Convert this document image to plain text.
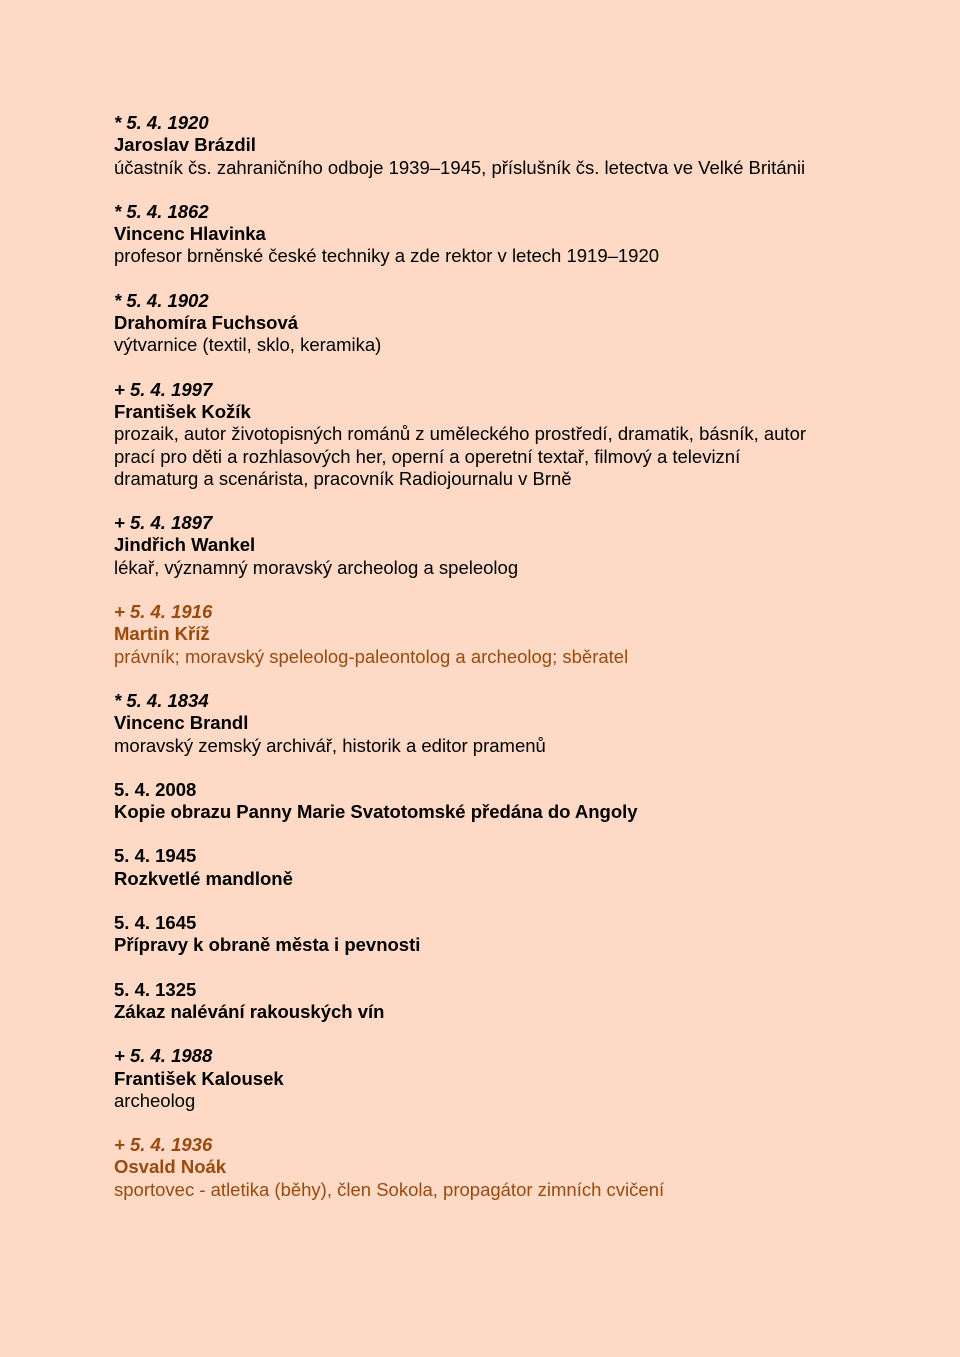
* 5. 4. 1920
Jaroslav Brázdil
účastník čs. zahraničního odboje 1939–1945, příslušník čs. letectva ve Velké Británii
* 5. 4. 1862
Vincenc Hlavinka
profesor brněnské české techniky a zde rektor v letech 1919–1920
* 5. 4. 1902
Drahomíra Fuchsová
výtvarnice (textil, sklo, keramika)
+ 5. 4. 1997
František Kožík
prozaik, autor životopisných románů z uměleckého prostředí, dramatik, básník, autor
prací pro děti a rozhlasových her, operní a operetní textař, filmový a televizní
dramaturg a scenárista, pracovník Radiojournalu v Brně
+ 5. 4. 1897
Jindřich Wankel
lékař, významný moravský archeolog a speleolog
+ 5. 4. 1916
Martin Kříž
právník; moravský speleolog-paleontolog a archeolog; sběratel
* 5. 4. 1834
Vincenc Brandl
moravský zemský archivář, historik a editor pramenů
5. 4. 2008
Kopie obrazu Panny Marie Svatotomské předána do Angoly
5. 4. 1945
Rozkvetlé mandloně
5. 4. 1645
Přípravy k obraně města i pevnosti
5. 4. 1325
Zákaz nalévání rakouských vín
+ 5. 4. 1988
František Kalousek
archeolog
+ 5. 4. 1936
Osvald Noák
sportovec - atletika (běhy), člen Sokola, propagátor zimních cvičení
